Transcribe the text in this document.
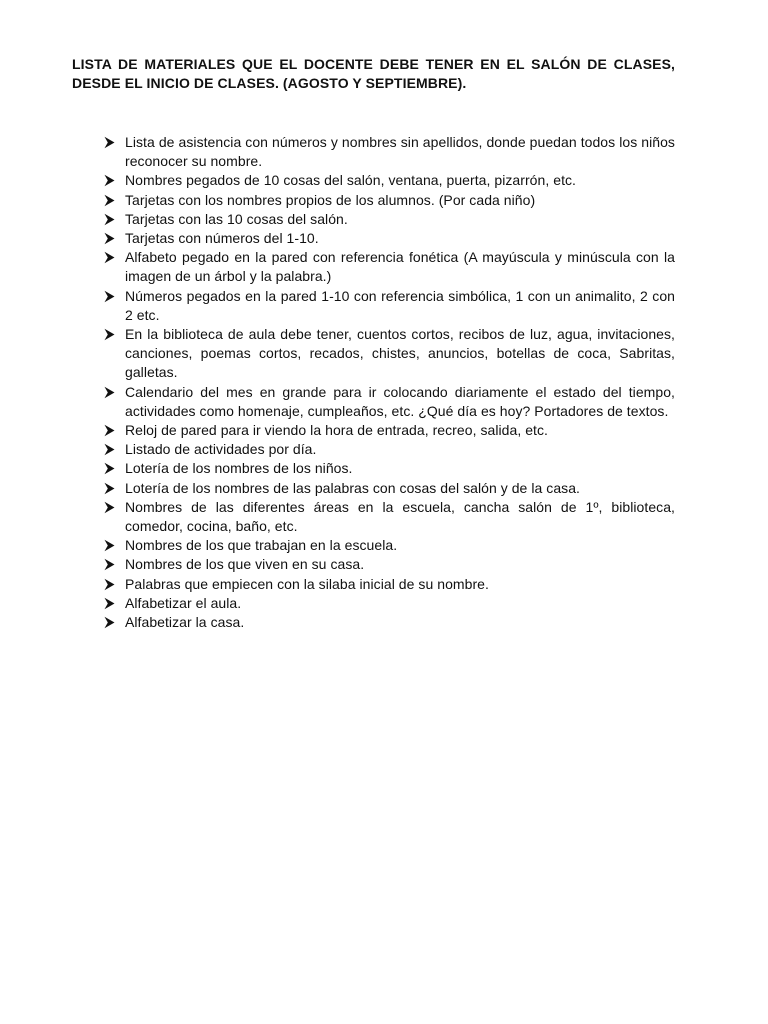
LISTA DE MATERIALES QUE EL DOCENTE DEBE TENER EN EL SALÓN DE CLASES, DESDE EL INICIO DE CLASES. (AGOSTO Y SEPTIEMBRE).
Lista de asistencia con números y nombres sin apellidos, donde puedan todos los niños reconocer su nombre.
Nombres pegados de 10 cosas del salón, ventana, puerta, pizarrón, etc.
Tarjetas con los nombres propios de los alumnos. (Por cada niño)
Tarjetas con las 10 cosas del salón.
Tarjetas con números del 1-10.
Alfabeto pegado en la pared con referencia fonética (A mayúscula y minúscula con la imagen de un árbol y la palabra.)
Números pegados en la pared 1-10 con referencia simbólica, 1 con un animalito, 2 con 2 etc.
En la biblioteca de aula debe tener, cuentos cortos, recibos de luz, agua, invitaciones, canciones, poemas cortos, recados, chistes, anuncios, botellas de coca, Sabritas, galletas.
Calendario del mes en grande para ir colocando diariamente el estado del tiempo, actividades como homenaje, cumpleaños, etc. ¿Qué día es hoy? Portadores de textos.
Reloj de pared para ir viendo la hora de entrada, recreo, salida, etc.
Listado de actividades por día.
Lotería de los nombres de los niños.
Lotería de los nombres de las palabras con cosas del salón y de la casa.
Nombres de las diferentes áreas en la escuela, cancha salón de 1º, biblioteca, comedor, cocina, baño, etc.
Nombres de los que trabajan en la escuela.
Nombres de los que viven en su casa.
Palabras que empiecen con la silaba inicial de su nombre.
Alfabetizar el aula.
Alfabetizar la casa.
